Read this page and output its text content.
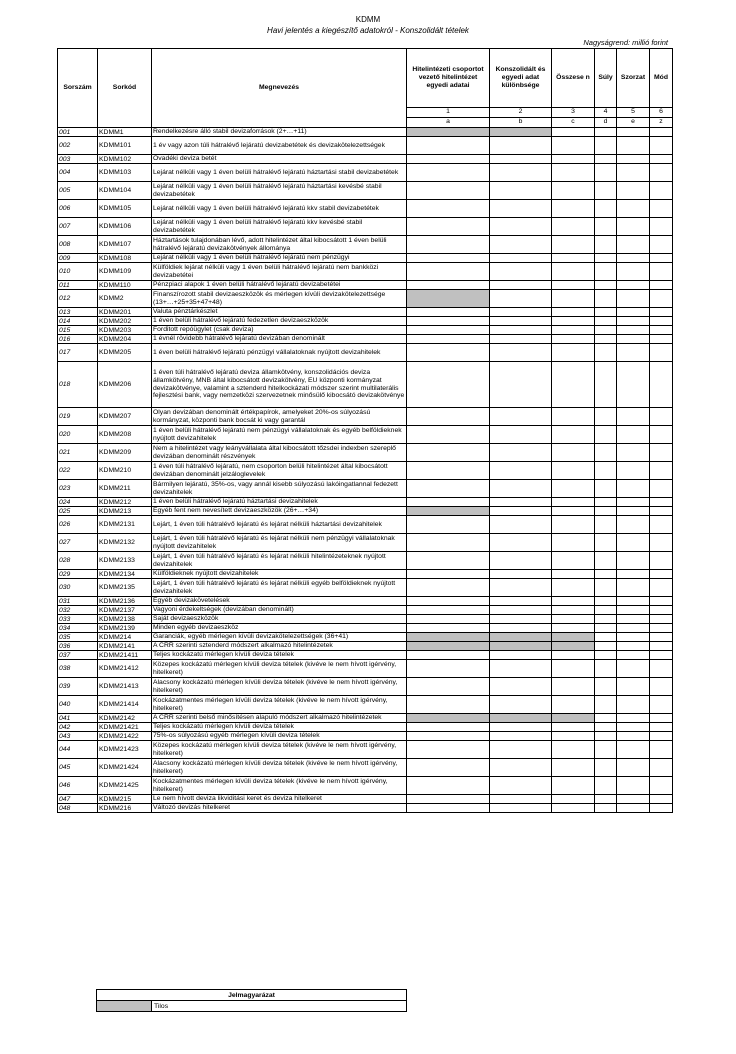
KDMM
Havi jelentés a kiegészítő adatokról - Konszolidált tételek
Nagyságrend: millió forint
Sorszám	Sorkód	Megnevezés	Hitelintézeti csoportot vezető hitelintézet egyedi adatai	Konszolidált és egyedi adat különbsége	Összese n	Súly	Szorzat	Mód
			1	2	3	4	5	6
			a	b	c	d	e	z
001	KDMM1	Rendelkezésre álló stabil devizaforrások (2+…+11)						
002	KDMM101	1 év vagy azon túli hátralévő lejáratú devizabetétek és devizakötelezettségek						
003	KDMM102	Óvadéki deviza betét						
004	KDMM103	Lejárat nélküli vagy 1 éven belüli hátralévő lejáratú háztartási stabil devizabetétek						
005	KDMM104	Lejárat nélküli vagy 1 éven belüli hátralévő lejáratú háztartási kevésbé stabil devizabetétek						
006	KDMM105	Lejárat nélküli vagy 1 éven belüli hátralévő lejáratú kkv stabil devizabetétek						
007	KDMM106	Lejárat nélküli vagy 1 éven belüli hátralévő lejáratú kkv kevésbé stabil devizabetétek						
008	KDMM107	Háztartások tulajdonában lévő, adott hitelintézet által kibocsátott 1 éven belüli hátralévő lejáratú devizakötvények állománya						
009	KDMM108	Lejárat nélküli vagy 1 éven belüli hátralévő lejáratú nem pénzügyi						
010	KDMM109	Külföldiek lejárat nélküli vagy 1 éven belüli hátralévő lejáratú nem bankközi devizabetétei						
011	KDMM110	Pénzpiaci alapok 1 éven belüli hátralévő lejáratú devizabetétei						
012	KDMM2	Finanszírozott stabil devizaeszközök és mérlegen kívüli devizakötelezettsége (13+…+25+35+47+48)						
013	KDMM201	Valuta pénztárkészlet						
014	KDMM202	1 éven belüli hátralévő lejáratú fedezetlen devizaeszközök						
015	KDMM203	Forditott repóügylet (csak deviza)						
016	KDMM204	1 évnél rövidebb hátralévő lejáratú devizában denominált						
017	KDMM205	1 éven belüli hátralévő lejáratú pénzügyi vállalatoknak nyújtott devizahitelek						
018	KDMM206	1 éven túli hátralévő lejáratú deviza államkötvény, konszolidációs deviza államkötvény, MNB által kibocsátott devizakötvény, EU központi kormányzat devizakötvénye, valamint a sztenderd hitelkockázati módszer szerint multilaterális fejlesztési bank, vagy nemzetközi szervezetnek minősülő kibocsátó devizakötvénye						
019	KDMM207	Olyan devizában denominált értékpapírok, amelyeket 20%-os súlyozású kormányzat, központi bank bocsát ki vagy garantál						
020	KDMM208	1 éven belüli hátralévő lejáratú nem pénzügyi vállalatoknak és egyéb belföldieknek nyújtott devizahitelek						
021	KDMM209	Nem a hitelintézet vagy leányvállalata által kibocsátott tőzsdei indexben szereplő devizában denominált részvények						
022	KDMM210	1 éven túli hátralévő lejáratú, nem csoporton belüli hitelintézet által kibocsátott devizában denominált jelzáloglevelek						
023	KDMM211	Bármilyen lejáratú, 35%-os, vagy annál kisebb súlyozású lakóingatlannal fedezett devizahitelek						
024	KDMM212	1 éven belüli hátralévő lejáratú háztartási devizahitelek						
025	KDMM213	Egyéb fent nem nevesített devizaeszközök (26+…+34)						
026	KDMM2131	Lejárt, 1 éven túli hátralévő lejáratú és lejárat nélküli háztartási devizahitelek						
027	KDMM2132	Lejárt, 1 éven túli hátralévő lejáratú és lejárat nélküli nem pénzügyi vállalatoknak nyújtott devizahitelek						
028	KDMM2133	Lejárt, 1 éven túli hátralévő lejáratú és lejárat nélküli hitelintézeteknek nyújtott devizahitelek						
029	KDMM2134	Külföldieknek nyújtott devizahitelek						
030	KDMM2135	Lejárt, 1 éven túli hátralévő lejáratú és lejárat nélküli egyéb belföldieknek nyújtott devizahitelek						
031	KDMM2136	Egyéb devizakövetelések						
032	KDMM2137	Vagyoni érdekeltségek (devizában denominált)						
033	KDMM2138	Saját devizaeszközök						
034	KDMM2139	Minden egyéb devizaeszköz						
035	KDMM214	Garanciák, egyéb mérlegen kívüli devizakötelezettségek (36+41)						
036	KDMM2141	A CRR szerinti sztenderd módszert alkalmazó hitelintézetek						
037	KDMM21411	Teljes kockázatú mérlegen kívüli deviza tételek						
038	KDMM21412	Közepes kockázatú mérlegen kívüli deviza tételek (kivéve le nem hívott igérvény, hitelkeret)						
039	KDMM21413	Alacsony kockázatú mérlegen kívüli deviza tételek (kivéve le nem hívott igérvény, hitelkeret)						
040	KDMM21414	Kockázatmentes mérlegen kívüli deviza tételek (kivéve le nem hívott igérvény, hitelkeret)						
041	KDMM2142	A CRR szerinti belső minősítésen alapuló módszert alkalmazó hitelintézetek						
042	KDMM21421	Teljes kockázatú mérlegen kívüli deviza tételek						
043	KDMM21422	75%-os súlyozású egyéb mérlegen kívüli deviza tételek						
044	KDMM21423	Közepes kockázatú mérlegen kívüli deviza tételek (kivéve le nem hívott igérvény, hitelkeret)						
045	KDMM21424	Alacsony kockázatú mérlegen kívüli deviza tételek (kivéve le nem hívott igérvény, hitelkeret)						
046	KDMM21425	Kockázatmentes mérlegen kívüli deviza tételek (kivéve le nem hívott igérvény, hitelkeret)						
047	KDMM215	Le nem hívott deviza likviditási keret és deviza hitelkeret						
048	KDMM216	Változó devizás hitelkeret						
Jelmagyarázat
	Tilos
